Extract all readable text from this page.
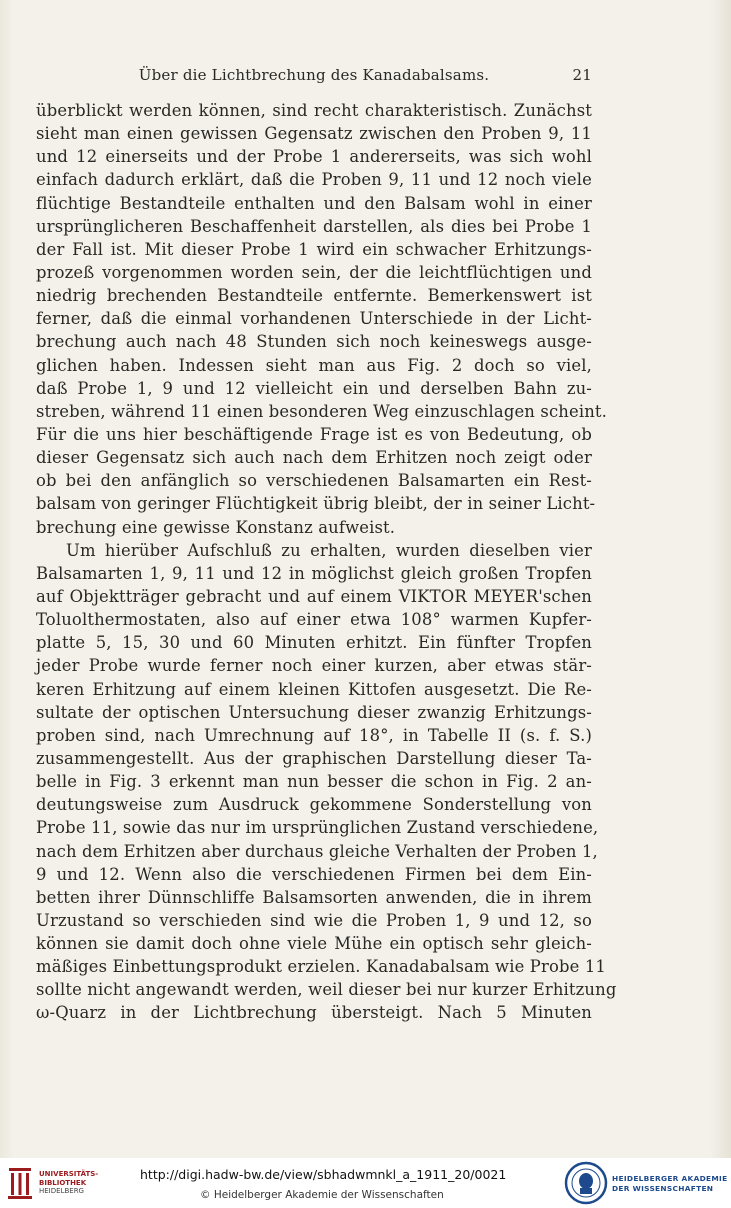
Über die Lichtbrechung des Kanadabalsams.	21
überblickt werden können, sind recht charakteristisch. Zunächst
sieht man einen gewissen Gegensatz zwischen den Proben 9, 11
und 12 einerseits und der Probe 1 andererseits, was sich wohl
einfach dadurch erklärt, daß die Proben 9, 11 und 12 noch viele
flüchtige Bestandteile enthalten und den Balsam wohl in einer
ursprünglicheren Beschaffenheit darstellen, als dies bei Probe 1
der Fall ist. Mit dieser Probe 1 wird ein schwacher Erhitzungs-
prozeß vorgenommen worden sein, der die leichtflüchtigen und
niedrig brechenden Bestandteile entfernte. Bemerkenswert ist
ferner, daß die einmal vorhandenen Unterschiede in der Licht-
brechung auch nach 48 Stunden sich noch keineswegs ausge-
glichen haben. Indessen sieht man aus Fig. 2 doch so viel,
daß Probe 1, 9 und 12 vielleicht ein und derselben Bahn zu-
streben, während 11 einen besonderen Weg einzuschlagen scheint.
Für die uns hier beschäftigende Frage ist es von Bedeutung, ob
dieser Gegensatz sich auch nach dem Erhitzen noch zeigt oder
ob bei den anfänglich so verschiedenen Balsamarten ein Rest-
balsam von geringer Flüchtigkeit übrig bleibt, der in seiner Licht-
brechung eine gewisse Konstanz aufweist.
Um hierüber Aufschluß zu erhalten, wurden dieselben vier
Balsamarten 1, 9, 11 und 12 in möglichst gleich großen Tropfen
auf Objektträger gebracht und auf einem VIKTOR MEYER'schen
Toluolthermostaten, also auf einer etwa 108° warmen Kupfer-
platte 5, 15, 30 und 60 Minuten erhitzt. Ein fünfter Tropfen
jeder Probe wurde ferner noch einer kurzen, aber etwas stär-
keren Erhitzung auf einem kleinen Kittofen ausgesetzt. Die Re-
sultate der optischen Untersuchung dieser zwanzig Erhitzungs-
proben sind, nach Umrechnung auf 18°, in Tabelle II (s. f. S.)
zusammengestellt. Aus der graphischen Darstellung dieser Ta-
belle in Fig. 3 erkennt man nun besser die schon in Fig. 2 an-
deutungsweise zum Ausdruck gekommene Sonderstellung von
Probe 11, sowie das nur im ursprünglichen Zustand verschiedene,
nach dem Erhitzen aber durchaus gleiche Verhalten der Proben 1,
9 und 12. Wenn also die verschiedenen Firmen bei dem Ein-
betten ihrer Dünnschliffe Balsamsorten anwenden, die in ihrem
Urzustand so verschieden sind wie die Proben 1, 9 und 12, so
können sie damit doch ohne viele Mühe ein optisch sehr gleich-
mäßiges Einbettungsprodukt erzielen. Kanadabalsam wie Probe 11
sollte nicht angewandt werden, weil dieser bei nur kurzer Erhitzung
ω-Quarz in der Lichtbrechung übersteigt. Nach 5 Minuten
UNIVERSITÄTS-
BIBLIOTHEK
HEIDELBERG
http://digi.hadw-bw.de/view/sbhadwmnkl_a_1911_20/0021
© Heidelberger Akademie der Wissenschaften
HEIDELBERGER AKADEMIE
DER WISSENSCHAFTEN
